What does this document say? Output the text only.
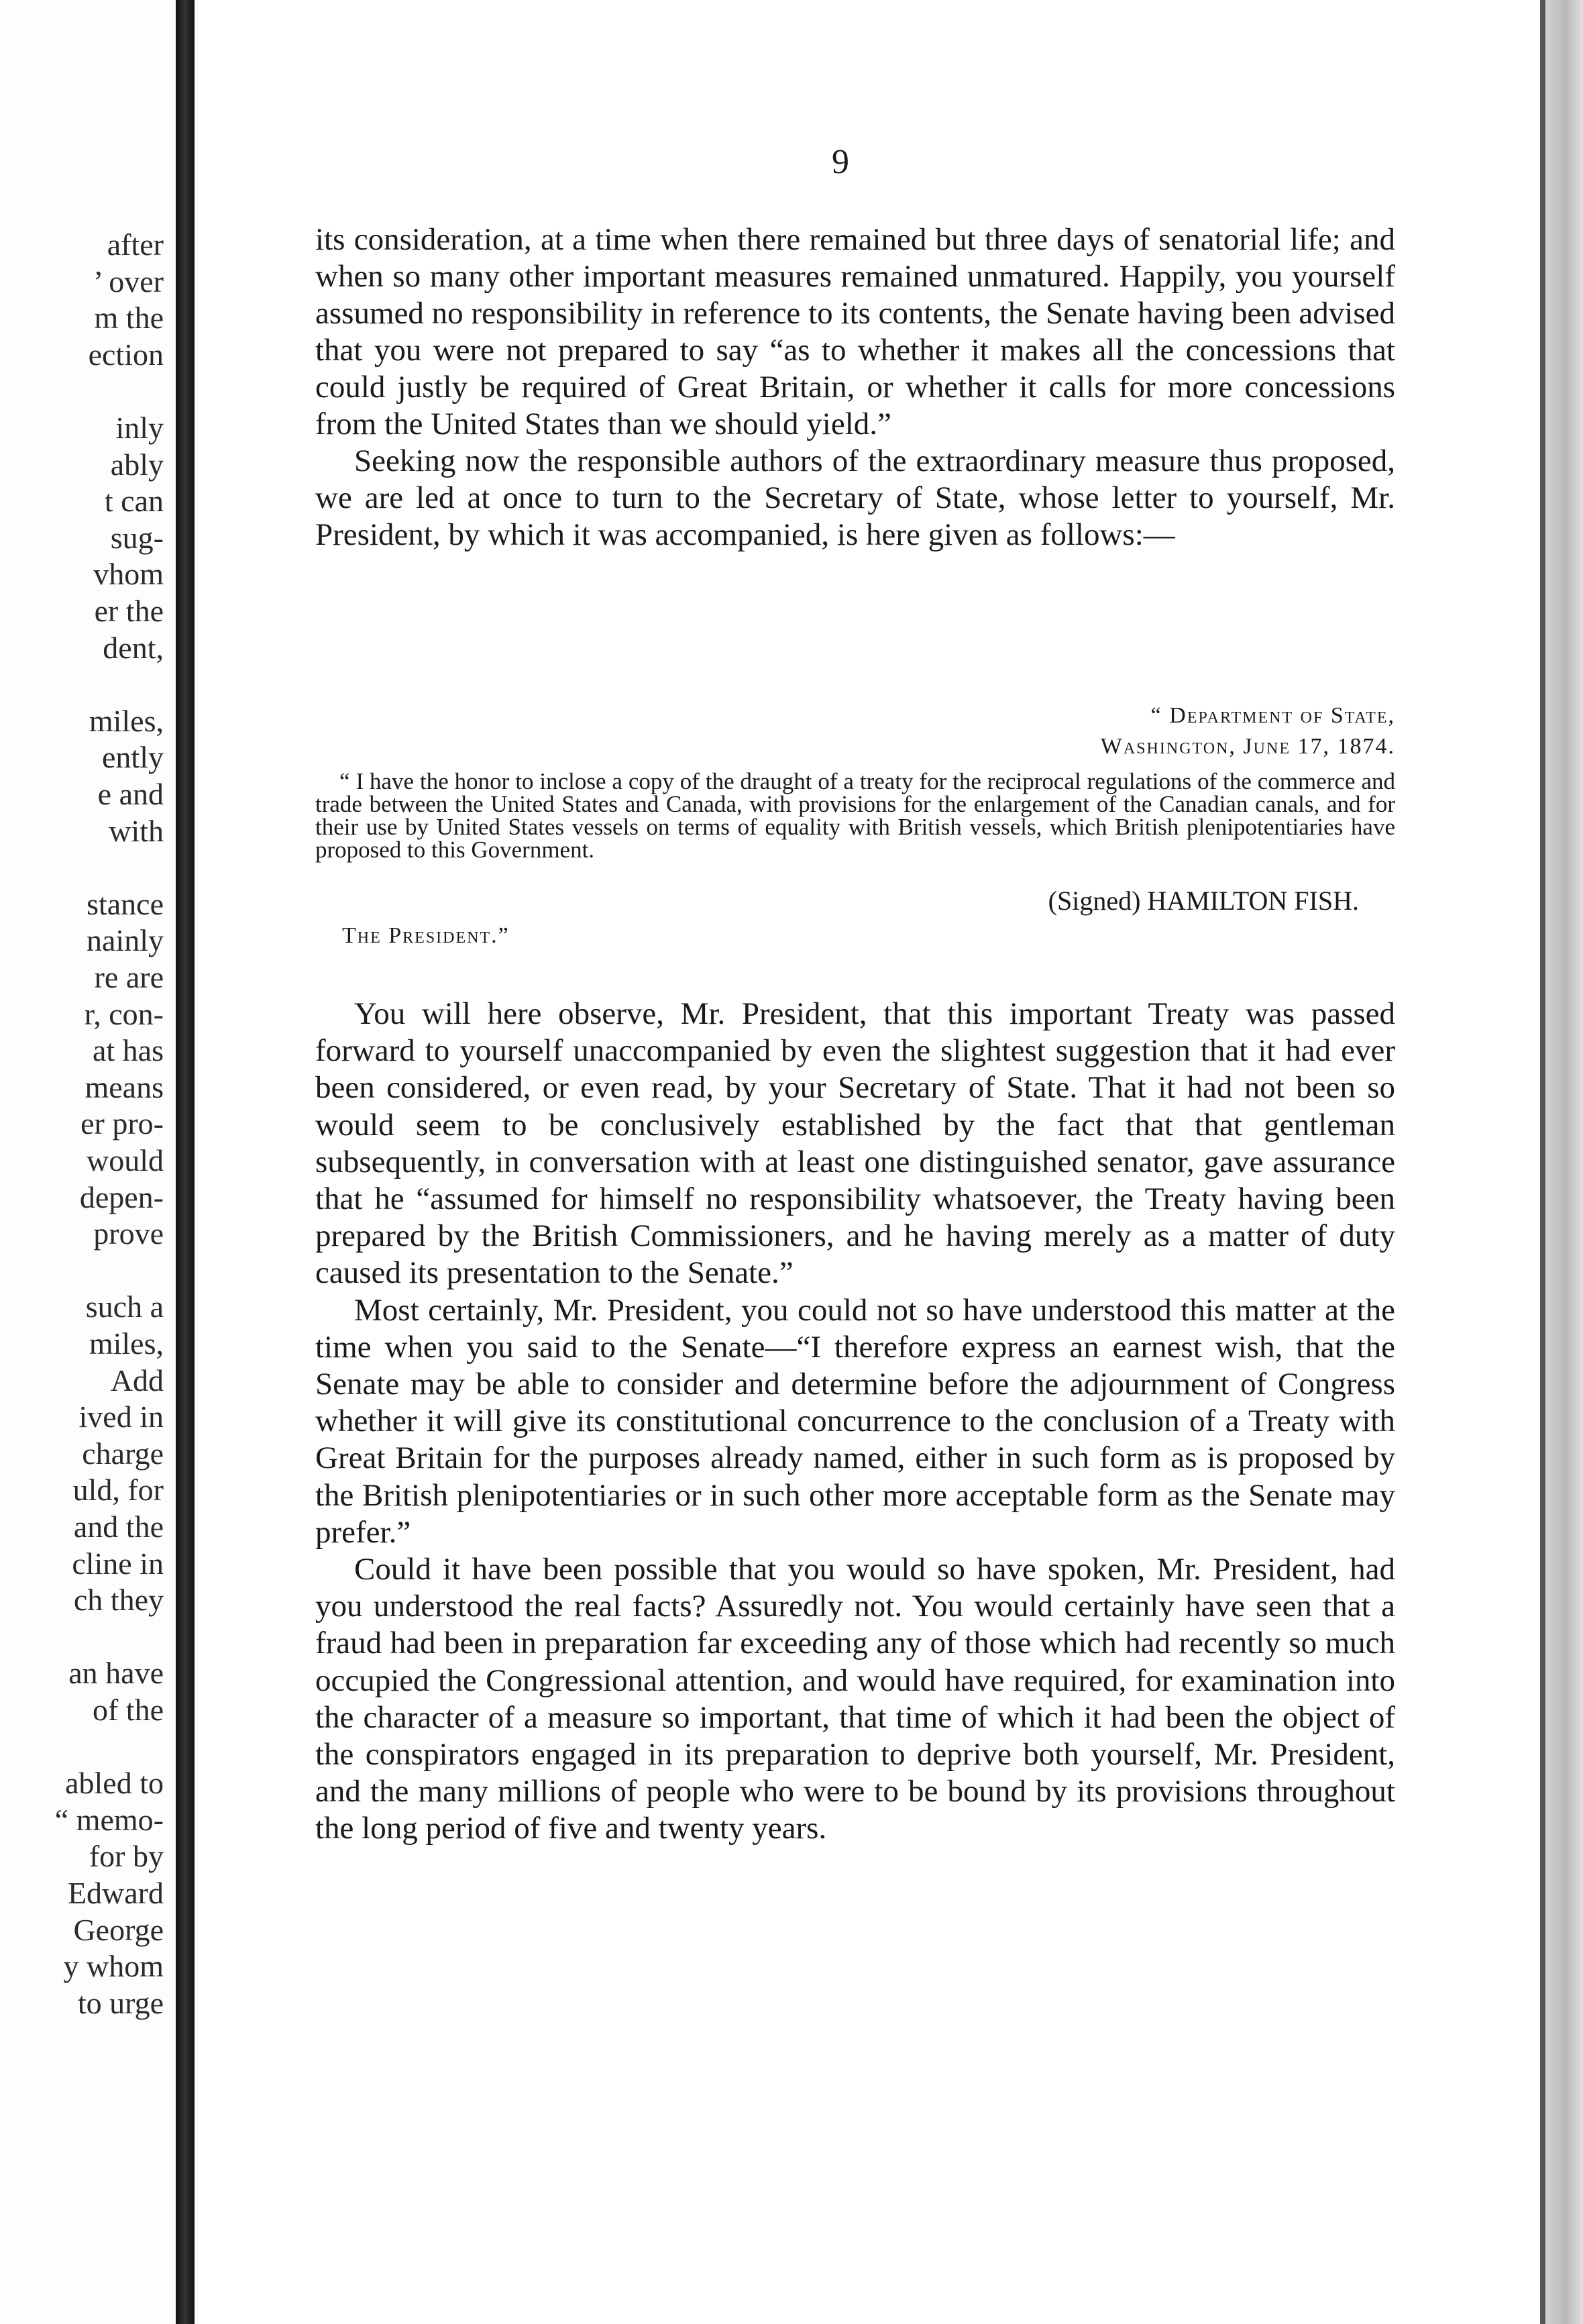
after
’ over
m the
ection
inly
ably
t can
sug-
vhom
er the
dent,
miles,
ently
e and
with
stance
nainly
re are
r, con-
at has
means
er pro-
would
depen-
prove
such a
miles,
Add
ived in
charge
uld, for
and the
cline in
ch they
an have
of the
abled to
“ memo-
for by
Edward
George
y whom
to urge
9

its consideration, at a time when there remained but three days of senatorial life; and when so many other important measures remained unmatured. Happily, you yourself assumed no responsibility in reference to its contents, the Senate having been advised that you were not prepared to say “as to whether it makes all the concessions that could justly be required of Great Britain, or whether it calls for more concessions from the United States than we should yield.”

Seeking now the responsible authors of the extraordinary measure thus proposed, we are led at once to turn to the Secretary of State, whose letter to yourself, Mr. President, by which it was accompanied, is here given as follows:—

“ Department of State,
Washington, June 17, 1874.

“ I have the honor to inclose a copy of the draught of a treaty for the reciprocal regulations of the commerce and trade between the United States and Canada, with provisions for the enlargement of the Canadian canals, and for their use by United States vessels on terms of equality with British vessels, which British plenipotentiaries have proposed to this Government.

(Signed) HAMILTON FISH.
The President.”

You will here observe, Mr. President, that this important Treaty was passed forward to yourself unaccompanied by even the slightest suggestion that it had ever been considered, or even read, by your Secretary of State. That it had not been so would seem to be conclusively established by the fact that that gentleman subsequently, in conversation with at least one distinguished senator, gave assurance that he “assumed for himself no responsibility whatsoever, the Treaty having been prepared by the British Commissioners, and he having merely as a matter of duty caused its presentation to the Senate.”

Most certainly, Mr. President, you could not so have understood this matter at the time when you said to the Senate—“I therefore express an earnest wish, that the Senate may be able to consider and determine before the adjournment of Congress whether it will give its constitutional concurrence to the conclusion of a Treaty with Great Britain for the purposes already named, either in such form as is proposed by the British plenipotentiaries or in such other more acceptable form as the Senate may prefer.”

Could it have been possible that you would so have spoken, Mr. President, had you understood the real facts? Assuredly not. You would certainly have seen that a fraud had been in preparation far exceeding any of those which had recently so much occupied the Congressional attention, and would have required, for examination into the character of a measure so important, that time of which it had been the object of the conspirators engaged in its preparation to deprive both yourself, Mr. President, and the many millions of people who were to be bound by its provisions throughout the long period of five and twenty years.
